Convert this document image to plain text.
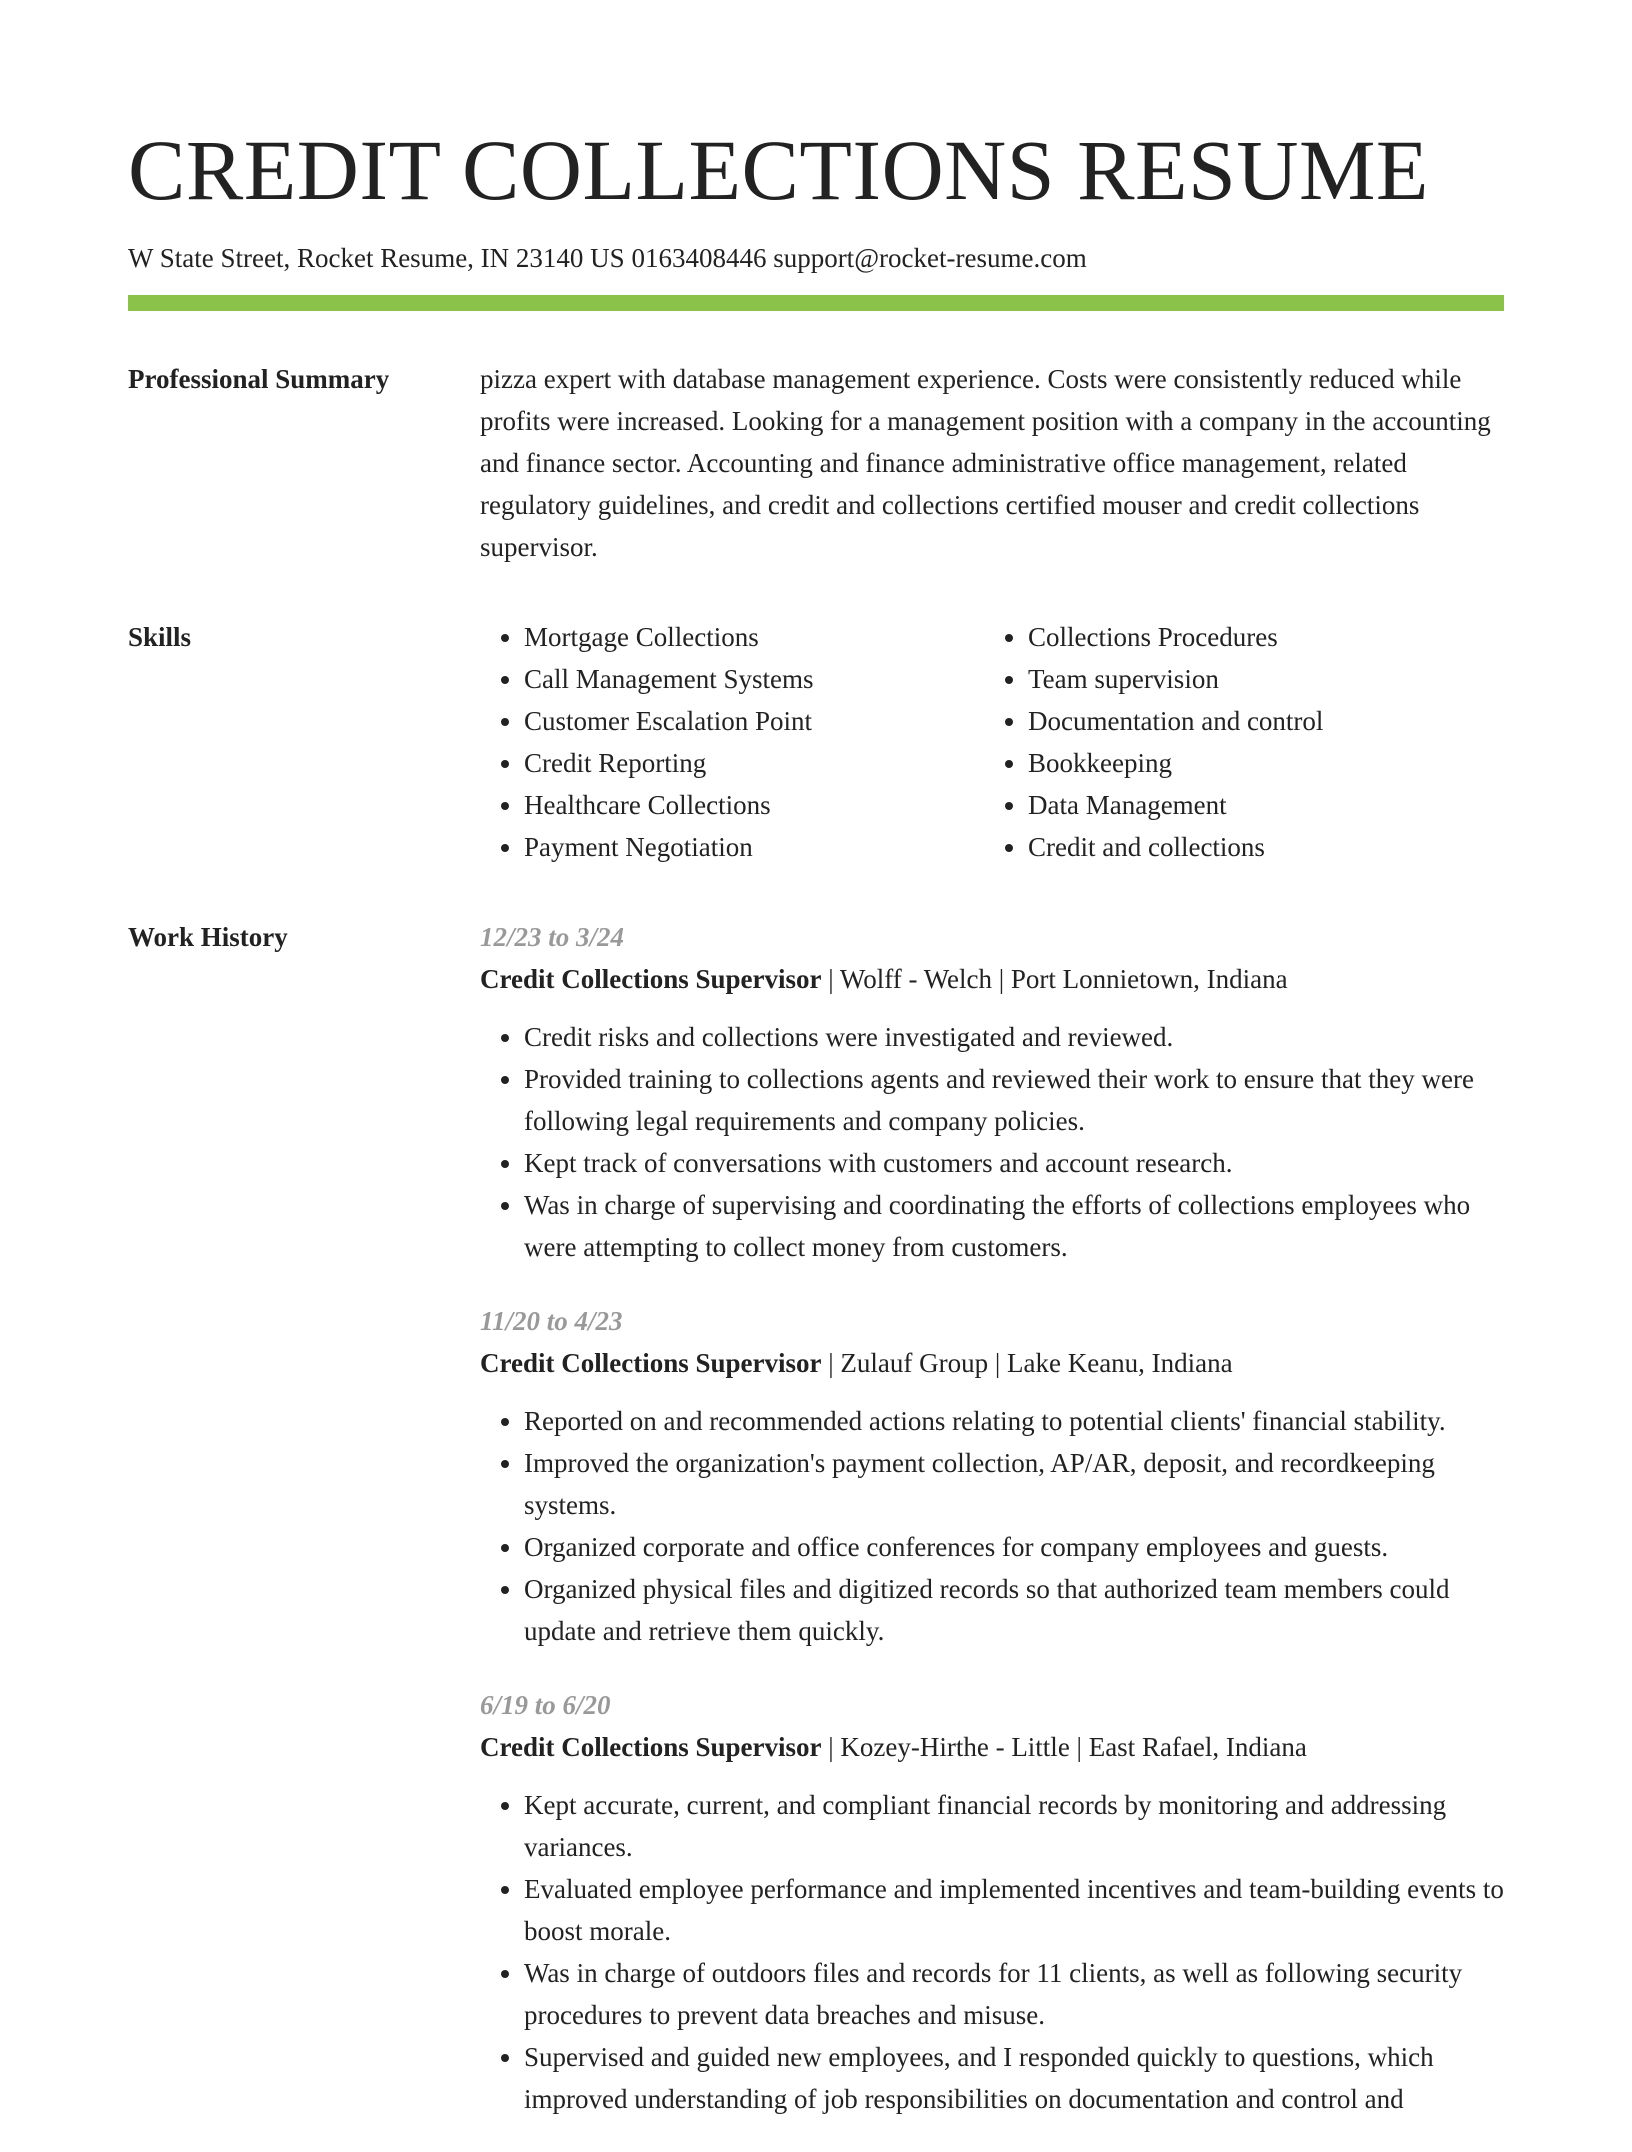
CREDIT COLLECTIONS RESUME
W State Street, Rocket Resume, IN 23140 US 0163408446 support@rocket-resume.com
Professional Summary	pizza expert with database management experience. Costs were consistently reduced while profits were increased. Looking for a management position with a company in the accounting and finance sector. Accounting and finance administrative office management, related regulatory guidelines, and credit and collections certified mouser and credit collections supervisor.

Skills
•	Mortgage Collections
• Call Management Systems
• Customer Escalation Point
• Credit Reporting
• Healthcare Collections
• Payment Negotiation
• Collections Procedures
• Team supervision
• Documentation and control
• Bookkeeping
• Data Management
• Credit and collections
Work History	12/23 to 3/24
Credit Collections Supervisor | Wolff - Welch | Port Lonnietown, Indiana
• Credit risks and collections were investigated and reviewed.
• Provided training to collections agents and reviewed their work to ensure that they were following legal requirements and company policies.
• Kept track of conversations with customers and account research.
• Was in charge of supervising and coordinating the efforts of collections employees who were attempting to collect money from customers.
11/20 to 4/23
Credit Collections Supervisor | Zulauf Group | Lake Keanu, Indiana
• Reported on and recommended actions relating to potential clients' financial stability.
• Improved the organization's payment collection, AP/AR, deposit, and recordkeeping systems.
• Organized corporate and office conferences for company employees and guests.
• Organized physical files and digitized records so that authorized team members could update and retrieve them quickly.
6/19 to 6/20
Credit Collections Supervisor | Kozey-Hirthe - Little | East Rafael, Indiana
• Kept accurate, current, and compliant financial records by monitoring and addressing variances.
• Evaluated employee performance and implemented incentives and team-building events to boost morale.
• Was in charge of outdoors files and records for 11 clients, as well as following security procedures to prevent data breaches and misuse.
• Supervised and guided new employees, and I responded quickly to questions, which improved understanding of job responsibilities on documentation and control and
